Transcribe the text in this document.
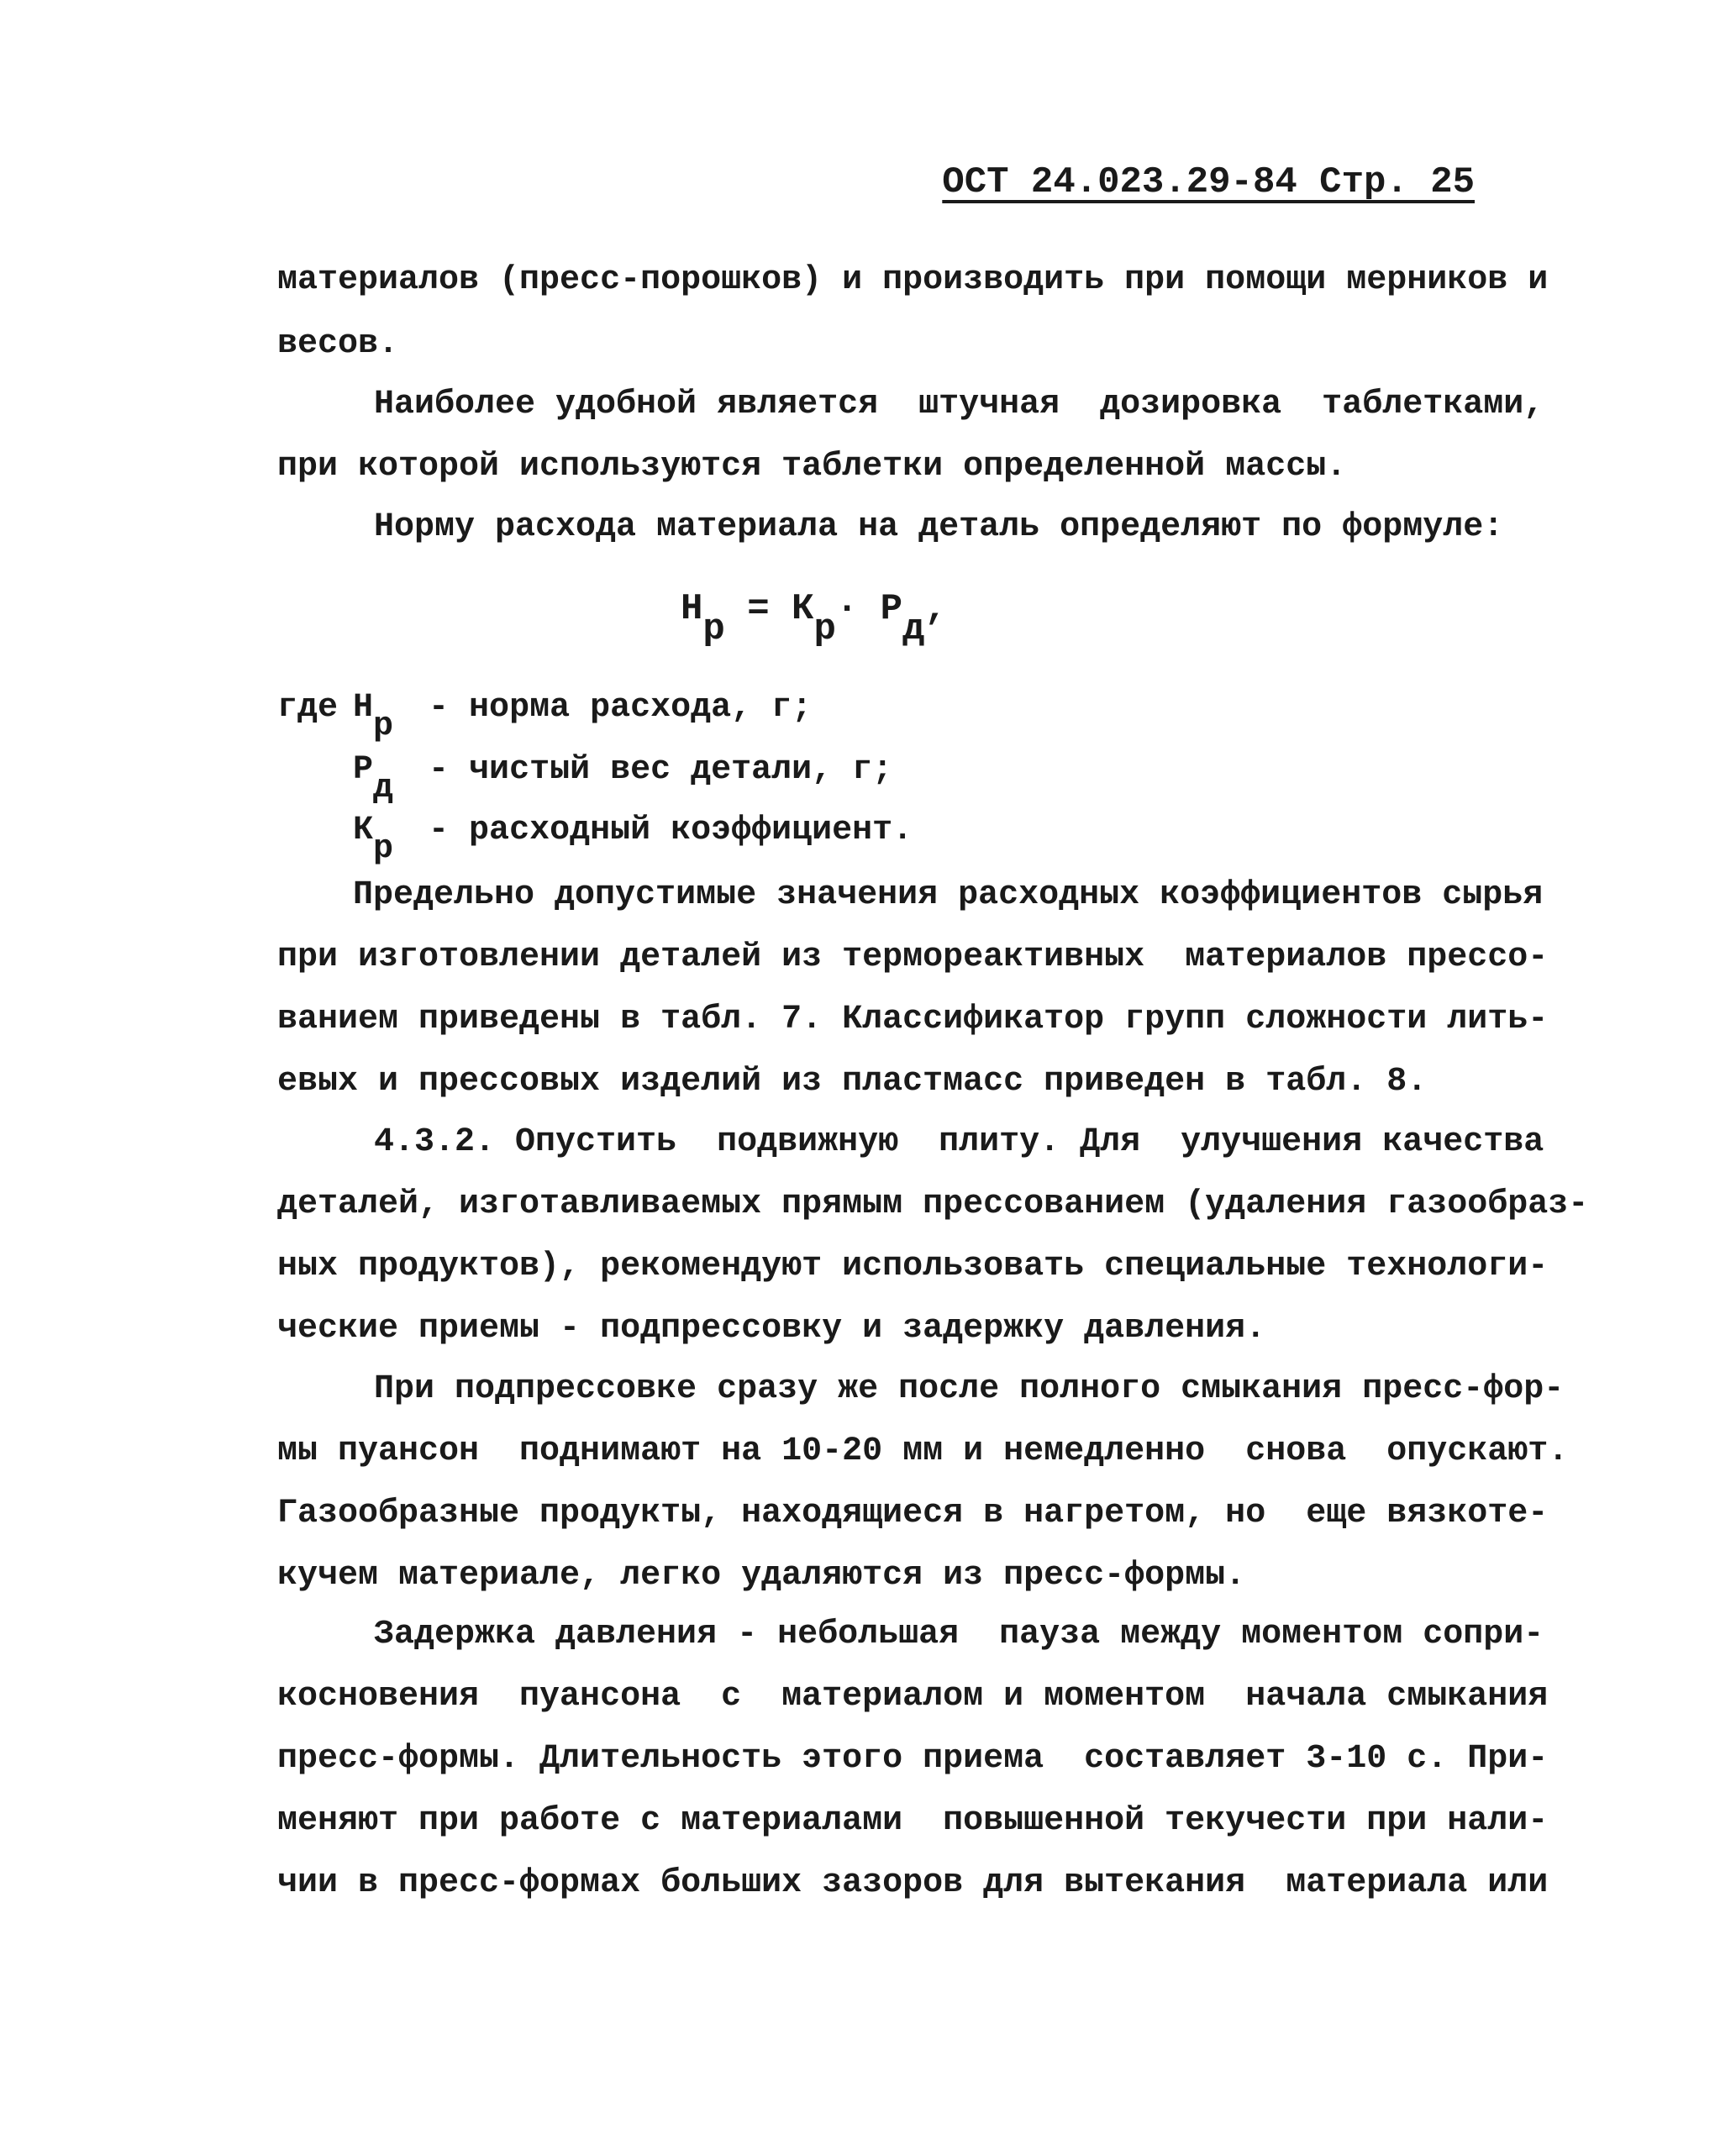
ОСТ 24.023.29-84 Стр. 25
материалов (пресс-порошков) и производить при помощи мерников и
весов.
Наиболее удобной является  штучная  дозировка  таблетками,
при которой используются таблетки определенной массы.
Норму расхода материала на деталь определяют по формуле:
$Н_р = К_р\cdot Р_д$,
где $Н_р$ - норма расхода, г;
$Р_д$ - чистый вес детали, г;
$К_р$ - расходный коэффициент.
Предельно допустимые значения расходных коэффициентов сырья
при изготовлении деталей из термореактивных  материалов прессо-
ванием приведены в табл. 7. Классификатор групп сложности лить-
евых и прессовых изделий из пластмасс приведен в табл. 8.
4.3.2. Опустить  подвижную  плиту. Для  улучшения качества
деталей, изготавливаемых прямым прессованием (удаления газообраз-
ных продуктов), рекомендуют использовать специальные технологи-
ческие приемы - подпрессовку и задержку давления.
При подпрессовке сразу же после полного смыкания пресс-фор-
мы пуансон  поднимают на 10-20 мм и немедленно  снова  опускают.
Газообразные продукты, находящиеся в нагретом, но  еще вязкоте-
кучем материале, легко удаляются из пресс-формы.
Задержка давления - небольшая  пауза между моментом сопри-
косновения  пуансона  с  материалом и моментом  начала смыкания
пресс-формы. Длительность этого приема  составляет 3-10 с. При-
меняют при работе с материалами  повышенной текучести при нали-
чии в пресс-формах больших зазоров для вытекания  материала или
